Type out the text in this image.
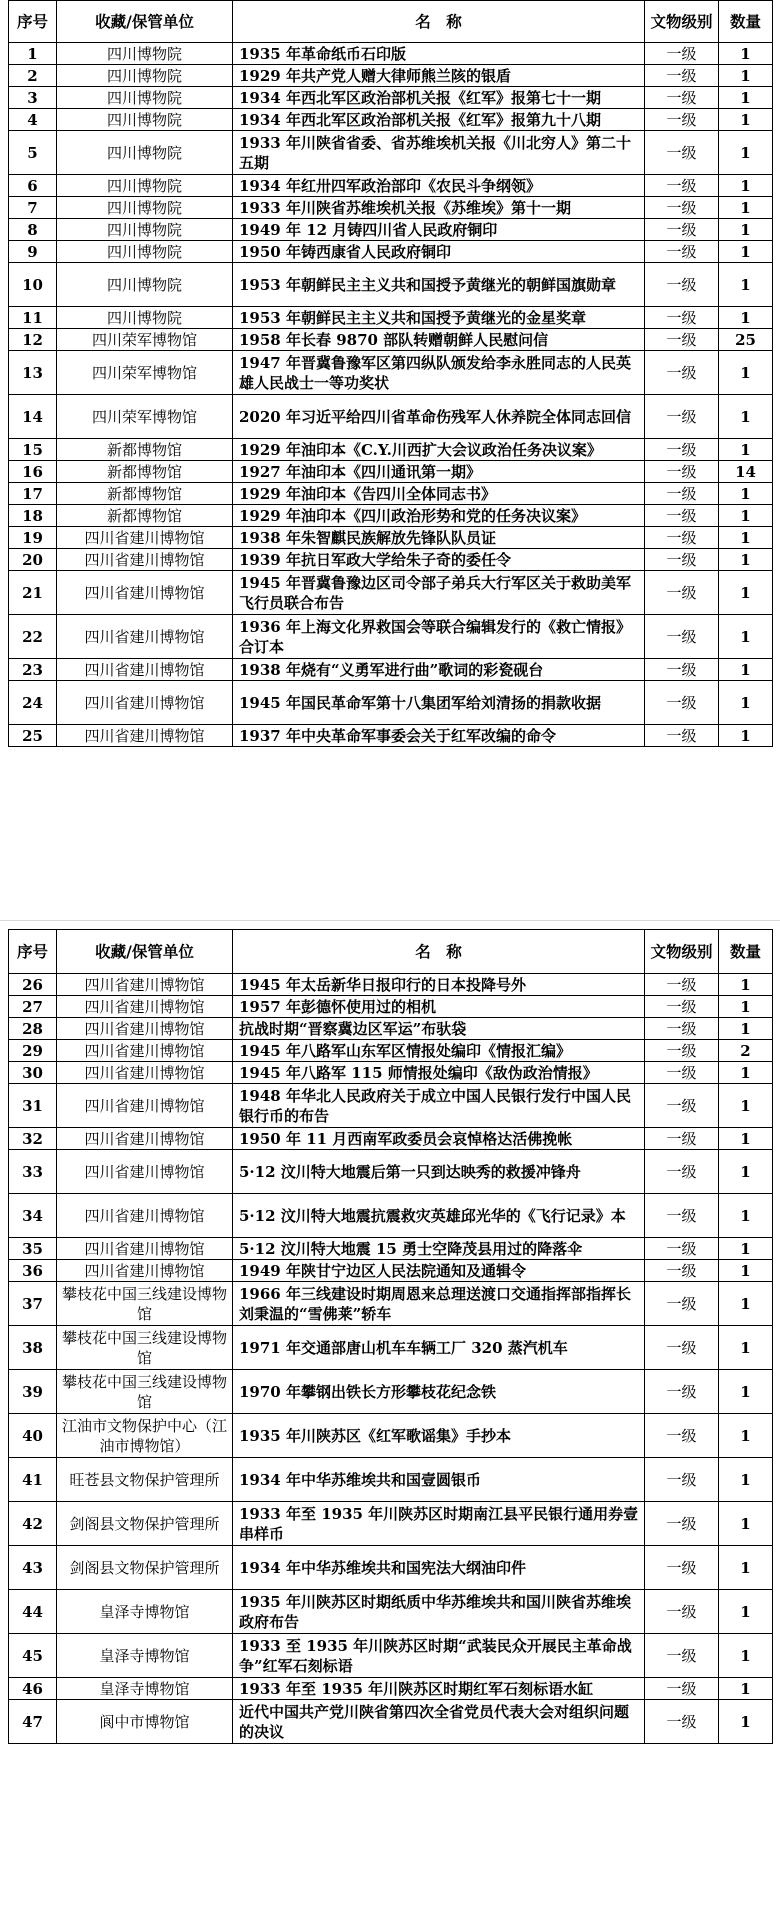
序号	收藏/保管单位	名　称	文物级别	数量
1	四川博物院	1935 年革命纸币石印版	一级	1
2	四川博物院	1929 年共产党人赠大律师熊兰陔的银盾	一级	1
3	四川博物院	1934 年西北军区政治部机关报《红军》报第七十一期	一级	1
4	四川博物院	1934 年西北军区政治部机关报《红军》报第九十八期	一级	1
5	四川博物院	1933 年川陕省省委、省苏维埃机关报《川北穷人》第二十五期	一级	1
6	四川博物院	1934 年红卅四军政治部印《农民斗争纲领》	一级	1
7	四川博物院	1933 年川陕省苏维埃机关报《苏维埃》第十一期	一级	1
8	四川博物院	1949 年 12 月铸四川省人民政府铜印	一级	1
9	四川博物院	1950 年铸西康省人民政府铜印	一级	1
10	四川博物院	1953 年朝鲜民主主义共和国授予黄继光的朝鲜国旗勋章	一级	1
11	四川博物院	1953 年朝鲜民主主义共和国授予黄继光的金星奖章	一级	1
12	四川荣军博物馆	1958 年长春 9870 部队转赠朝鲜人民慰问信	一级	25
13	四川荣军博物馆	1947 年晋冀鲁豫军区第四纵队颁发给李永胜同志的人民英雄人民战士一等功奖状	一级	1
14	四川荣军博物馆	2020 年习近平给四川省革命伤残军人休养院全体同志回信	一级	1
15	新都博物馆	1929 年油印本《C.Y.川西扩大会议政治任务决议案》	一级	1
16	新都博物馆	1927 年油印本《四川通讯第一期》	一级	14
17	新都博物馆	1929 年油印本《告四川全体同志书》	一级	1
18	新都博物馆	1929 年油印本《四川政治形势和党的任务决议案》	一级	1
19	四川省建川博物馆	1938 年朱智麒民族解放先锋队队员证	一级	1
20	四川省建川博物馆	1939 年抗日军政大学给朱子奇的委任令	一级	1
21	四川省建川博物馆	1945 年晋冀鲁豫边区司令部子弟兵大行军区关于救助美军飞行员联合布告	一级	1
22	四川省建川博物馆	1936 年上海文化界救国会等联合编辑发行的《救亡情报》合订本	一级	1
23	四川省建川博物馆	1938 年烧有“义勇军进行曲”歌词的彩瓷砚台	一级	1
24	四川省建川博物馆	1945 年国民革命军第十八集团军给刘清扬的捐款收据	一级	1
25	四川省建川博物馆	1937 年中央革命军事委会关于红军改编的命令	一级	1
序号	收藏/保管单位	名　称	文物级别	数量
26	四川省建川博物馆	1945 年太岳新华日报印行的日本投降号外	一级	1
27	四川省建川博物馆	1957 年彭德怀使用过的相机	一级	1
28	四川省建川博物馆	抗战时期“晋察冀边区军运”布驮袋	一级	1
29	四川省建川博物馆	1945 年八路军山东军区情报处编印《情报汇编》	一级	2
30	四川省建川博物馆	1945 年八路军 115 师情报处编印《敌伪政治情报》	一级	1
31	四川省建川博物馆	1948 年华北人民政府关于成立中国人民银行发行中国人民银行币的布告	一级	1
32	四川省建川博物馆	1950 年 11 月西南军政委员会哀悼格达活佛挽帐	一级	1
33	四川省建川博物馆	5·12 汶川特大地震后第一只到达映秀的救援冲锋舟	一级	1
34	四川省建川博物馆	5·12 汶川特大地震抗震救灾英雄邱光华的《飞行记录》本	一级	1
35	四川省建川博物馆	5·12 汶川特大地震 15 勇士空降茂县用过的降落伞	一级	1
36	四川省建川博物馆	1949 年陕甘宁边区人民法院通知及通辑令	一级	1
37	攀枝花中国三线建设博物馆	1966 年三线建设时期周恩来总理送渡口交通指挥部指挥长刘秉温的“雪佛莱”轿车	一级	1
38	攀枝花中国三线建设博物馆	1971 年交通部唐山机车车辆工厂 320 蒸汽机车	一级	1
39	攀枝花中国三线建设博物馆	1970 年攀钢出铁长方形攀枝花纪念铁	一级	1
40	江油市文物保护中心（江油市博物馆）	1935 年川陕苏区《红军歌谣集》手抄本	一级	1
41	旺苍县文物保护管理所	1934 年中华苏维埃共和国壹圆银币	一级	1
42	剑阁县文物保护管理所	1933 年至 1935 年川陕苏区时期南江县平民银行通用券壹串样币	一级	1
43	剑阁县文物保护管理所	1934 年中华苏维埃共和国宪法大纲油印件	一级	1
44	皇泽寺博物馆	1935 年川陕苏区时期纸质中华苏维埃共和国川陕省苏维埃政府布告	一级	1
45	皇泽寺博物馆	1933 至 1935 年川陕苏区时期“武装民众开展民主革命战争”红军石刻标语	一级	1
46	皇泽寺博物馆	1933 年至 1935 年川陕苏区时期红军石刻标语水缸	一级	1
47	阆中市博物馆	近代中国共产党川陕省第四次全省党员代表大会对组织问题的决议	一级	1
